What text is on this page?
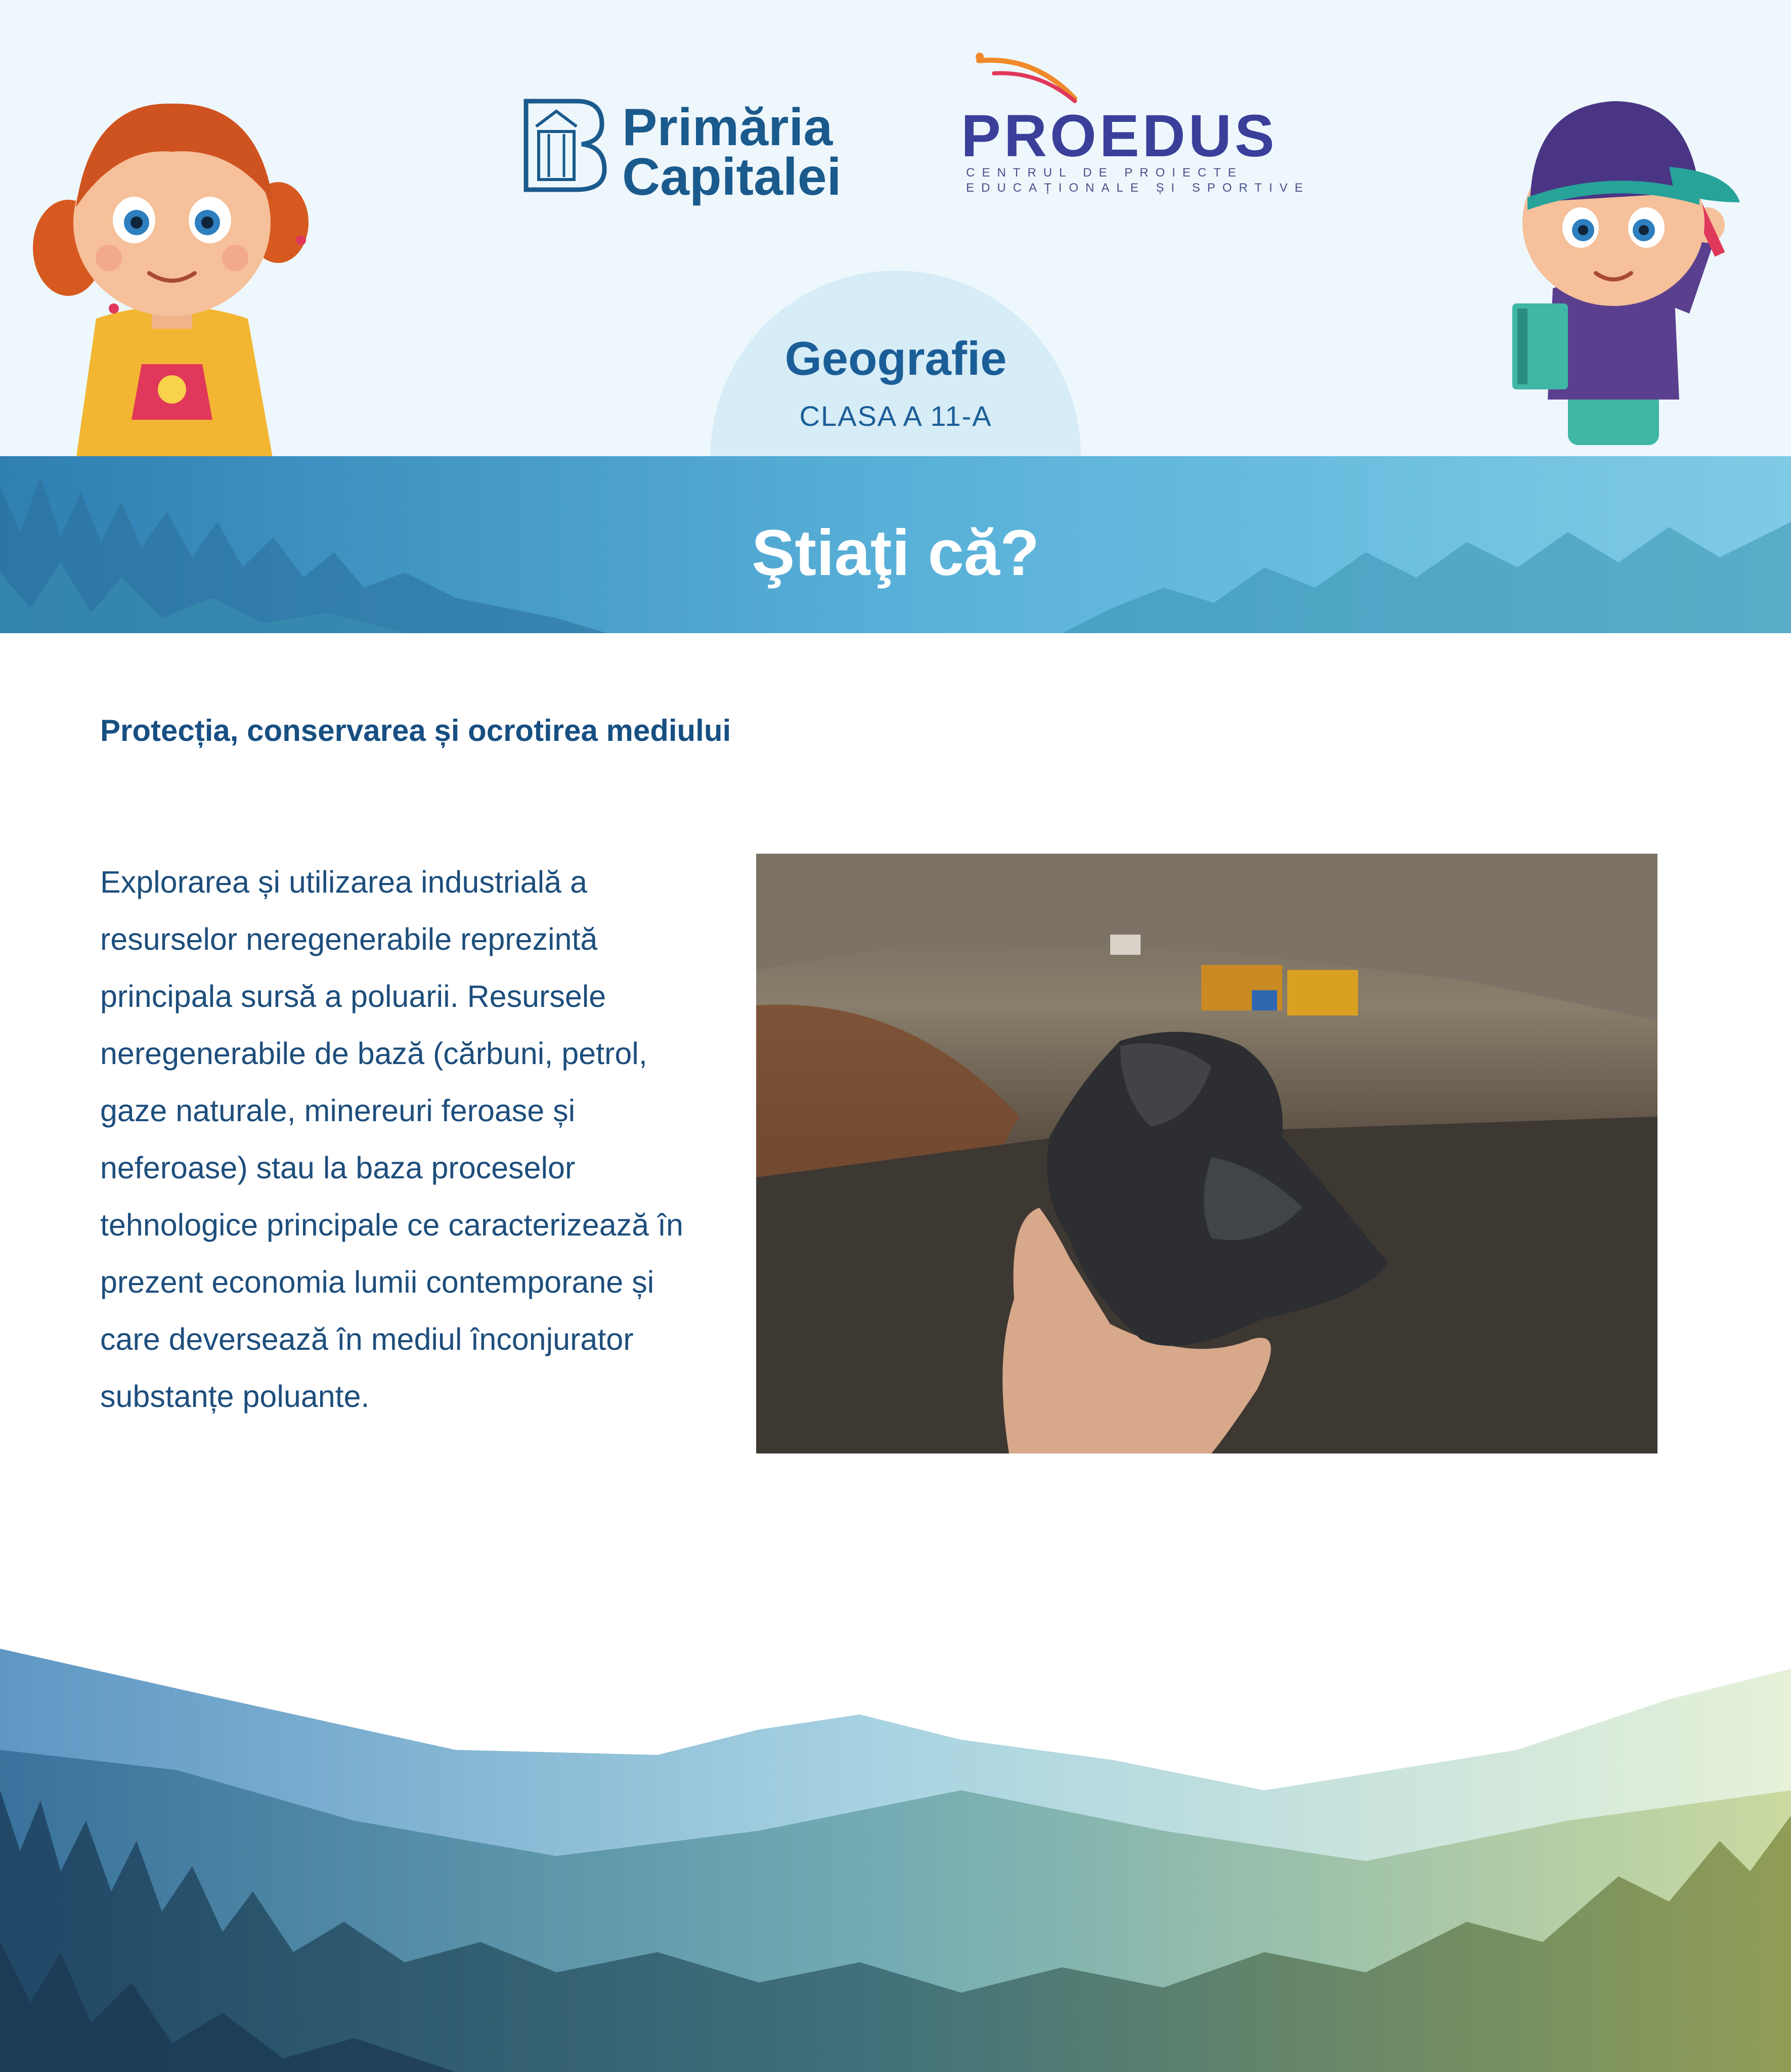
Primăria
Capitalei
PROEDUS
CENTRUL DE PROIECTE
EDUCAȚIONALE ȘI SPORTIVE
Geografie
CLASA A 11-A
Ştiaţi că?
Protecția, conservarea și ocrotirea mediului
Explorarea și utilizarea industrială a resurselor neregenerabile reprezintă principala sursă a poluarii. Resursele neregenerabile de bază (cărbuni, petrol, gaze naturale, minereuri feroase și neferoase) stau la baza proceselor tehnologice principale ce caracterizează în prezent economia lumii contemporane și care deversează în mediul înconjurator substanțe poluante.
